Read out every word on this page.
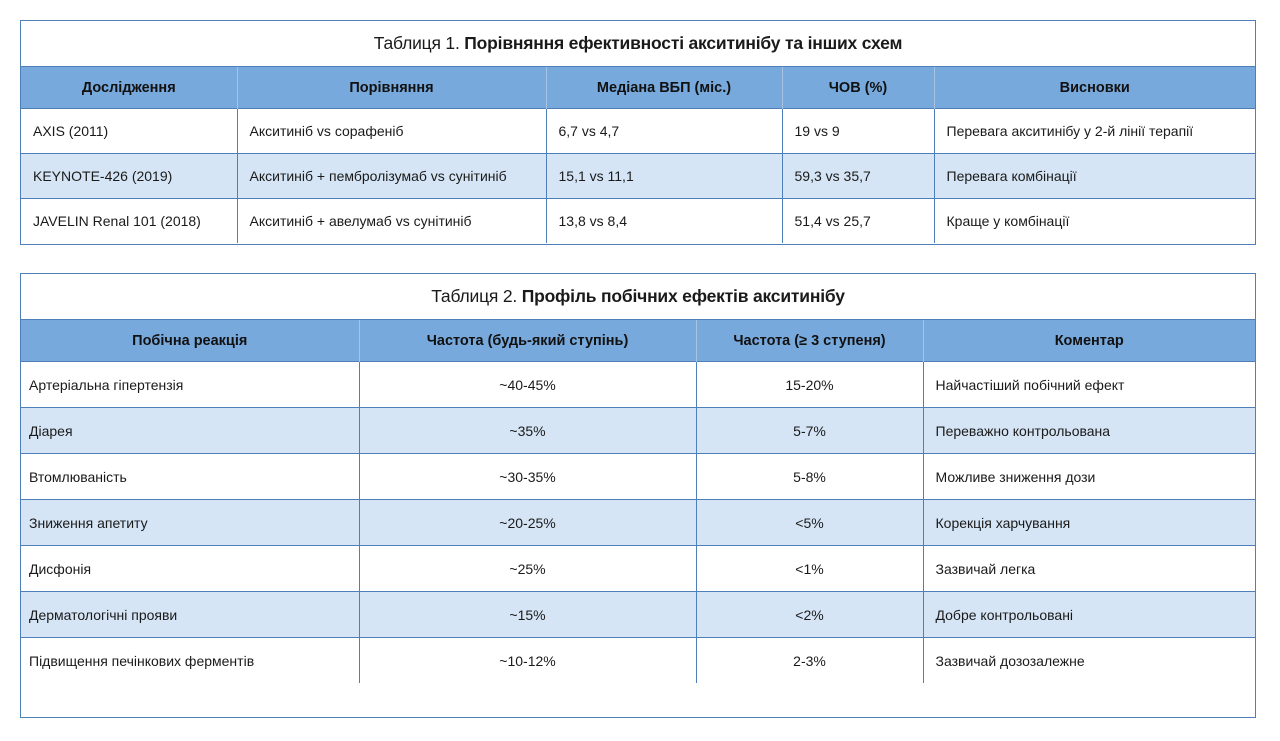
Таблиця 1.
Порівняння ефективності акситинібу та інших схем
Дослідження	Порівняння	Медіана ВБП (міс.)	ЧОВ (%)	Висновки
AXIS (2011)	Акситиніб vs сорафеніб	6,7 vs 4,7	19 vs 9	Перевага акситинібу у 2-й лінії терапії
KEYNOTE-426 (2019)	Акситиніб + пембролізумаб vs сунітиніб	15,1 vs 11,1	59,3 vs 35,7	Перевага комбінації
JAVELIN Renal 101 (2018)	Акситиніб + авелумаб vs сунітиніб	13,8 vs 8,4	51,4 vs 25,7	Краще у комбінації
Таблиця 2.
Профіль побічних ефектів акситинібу
Побічна реакція	Частота (будь-який ступінь)	Частота (≥ 3 ступеня)	Коментар
Артеріальна гіпертензія	~40-45%	15-20%	Найчастіший побічний ефект
Діарея	~35%	5-7%	Переважно контрольована
Втомлюваність	~30-35%	5-8%	Можливе зниження дози
Зниження апетиту	~20-25%	<5%	Корекція харчування
Дисфонія	~25%	<1%	Зазвичай легка
Дерматологічні прояви	~15%	<2%	Добре контрольовані
Підвищення печінкових ферментів	~10-12%	2-3%	Зазвичай дозозалежне
